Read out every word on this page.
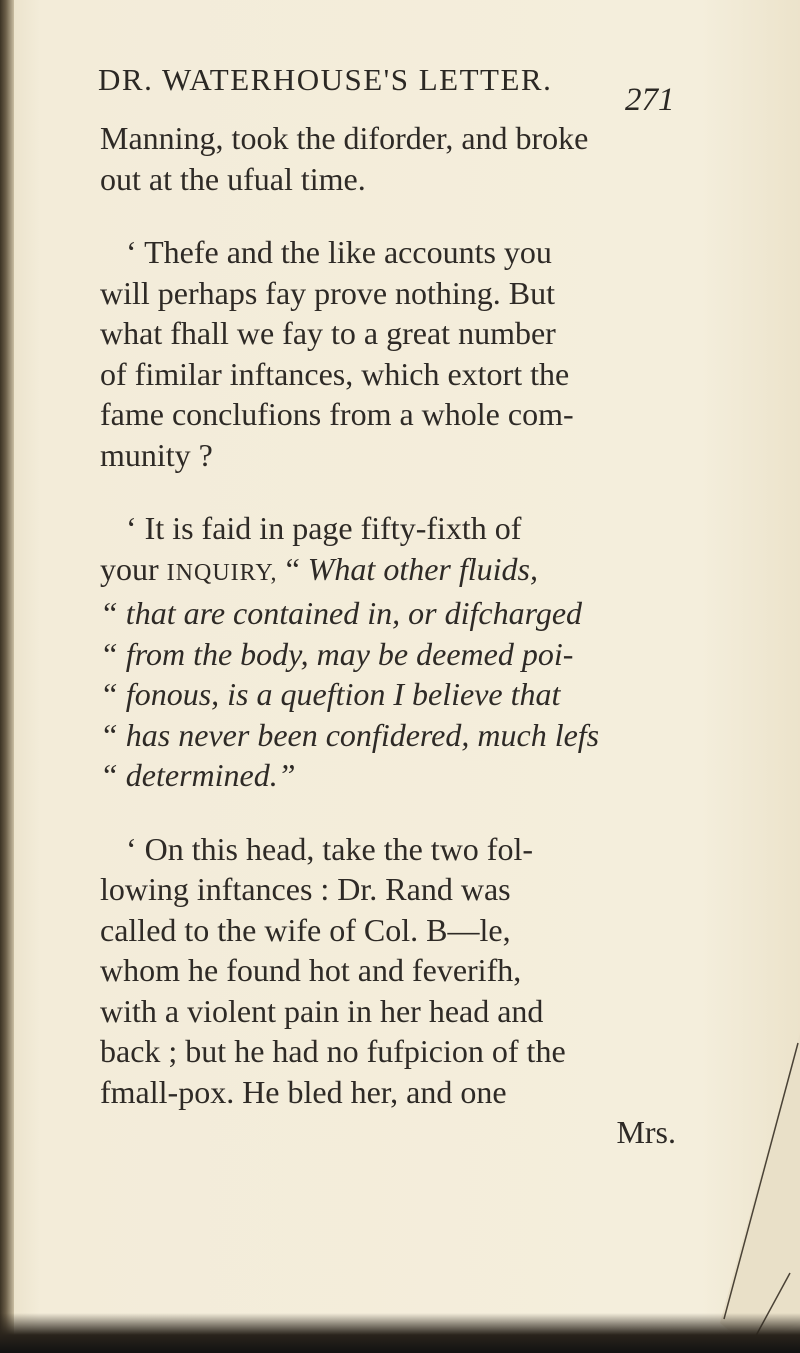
DR. WATERHOUSE'S LETTER.
271
Manning, took the diforder, and broke
out at the ufual time.
‘ Thefe and the like accounts you
will perhaps fay prove nothing. But
what fhall we fay to a great number
of fimilar inftances, which extort the
fame conclufions from a whole com-
munity ?
‘ It is faid in page fifty-fixth of
your INQUIRY, “ What other fluids,
“ that are contained in, or difcharged
“ from the body, may be deemed poi-
“ fonous, is a queftion I believe that
“ has never been confidered, much lefs
“ determined.”
‘ On this head, take the two fol-
lowing inftances : Dr. Rand was
called to the wife of Col. B—le,
whom he found hot and feverifh,
with a violent pain in her head and
back ; but he had no fufpicion of the
fmall-pox. He bled her, and one
Mrs.
